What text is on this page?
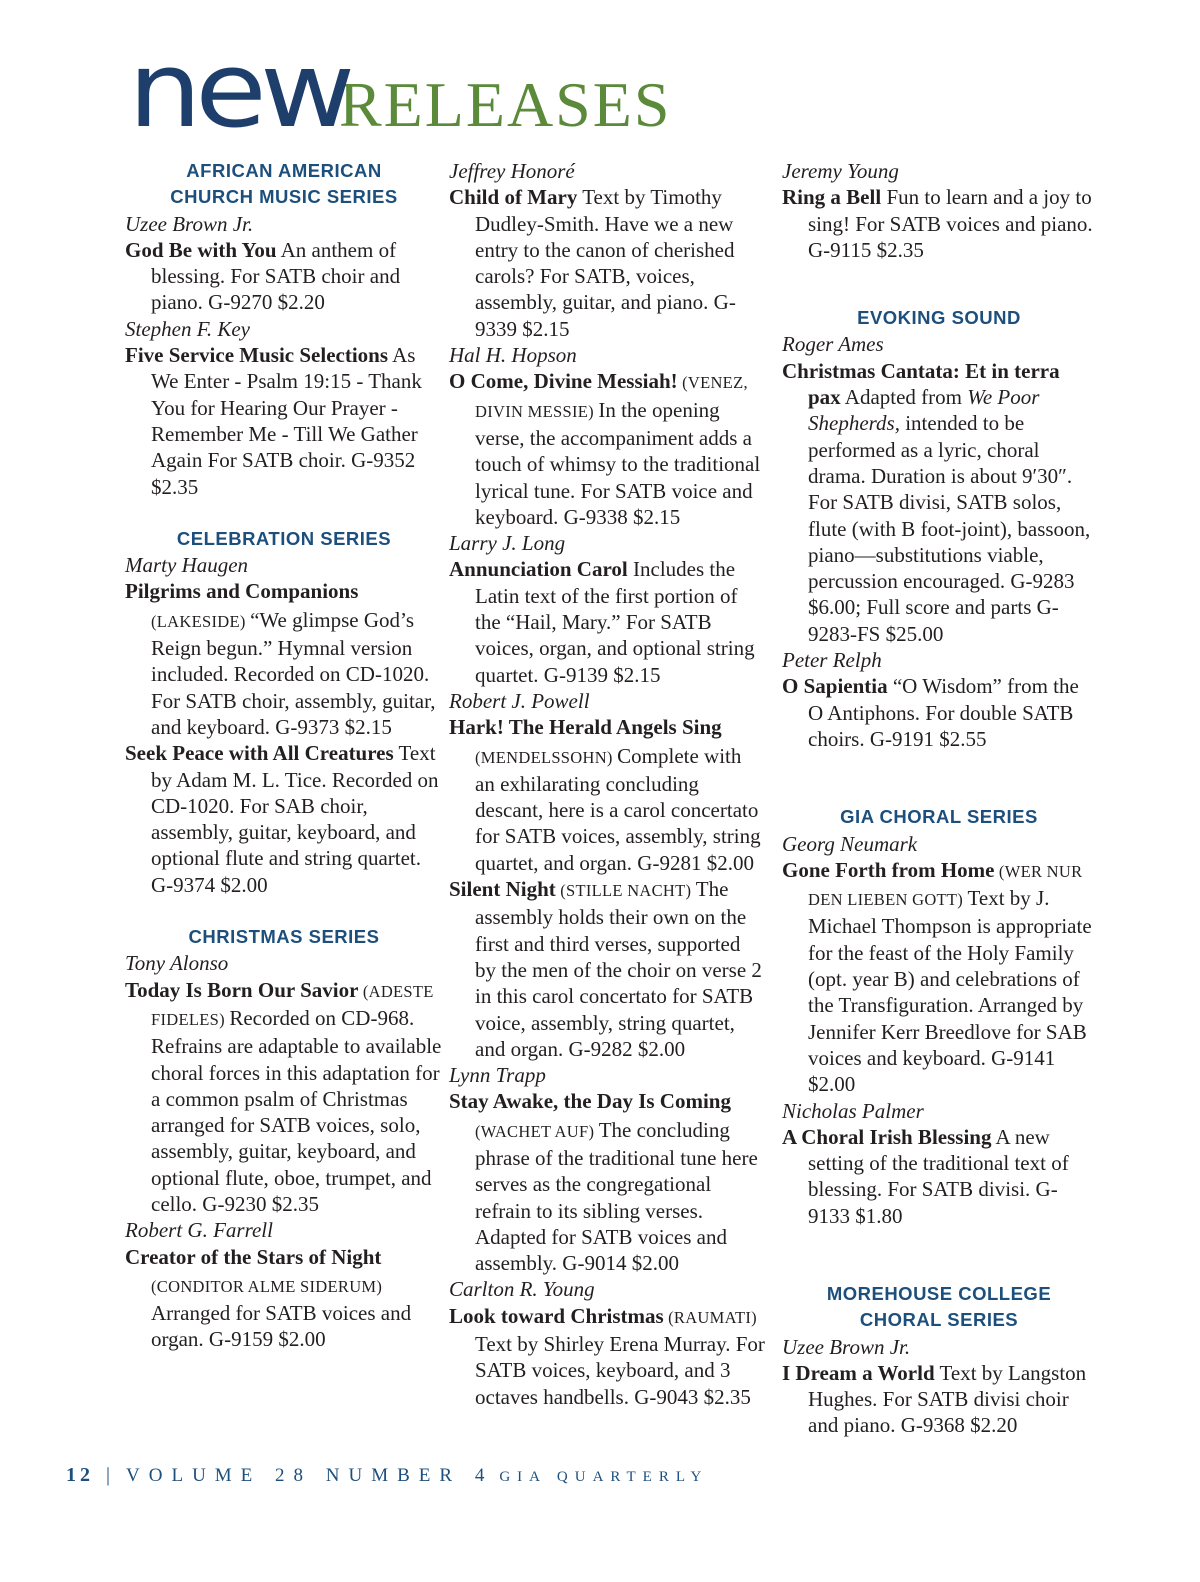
newRELEASES
AFRICAN AMERICAN
CHURCH MUSIC SERIES
Uzee Brown Jr.
God Be with You An anthem of blessing. For SATB choir and piano. G-9270 $2.20
Stephen F. Key
Five Service Music Selections As We Enter - Psalm 19:15 - Thank You for Hearing Our Prayer - Remember Me - Till We Gather Again For SATB choir. G-9352 $2.35
CELEBRATION SERIES
Marty Haugen
Pilgrims and Companions (LAKESIDE) “We glimpse God’s Reign begun.” Hymnal version included. Recorded on CD-1020. For SATB choir, assembly, guitar, and keyboard. G-9373 $2.15
Seek Peace with All Creatures Text by Adam M. L. Tice. Recorded on CD-1020. For SAB choir, assembly, guitar, keyboard, and optional flute and string quartet. G-9374 $2.00
CHRISTMAS SERIES
Tony Alonso
Today Is Born Our Savior (ADESTE FIDELES) Recorded on CD-968. Refrains are adaptable to available choral forces in this adaptation for a common psalm of Christmas arranged for SATB voices, solo, assembly, guitar, keyboard, and optional flute, oboe, trumpet, and cello. G-9230 $2.35
Robert G. Farrell
Creator of the Stars of Night (CONDITOR ALME SIDERUM) Arranged for SATB voices and organ. G-9159 $2.00
Jeffrey Honoré
Child of Mary Text by Timothy Dudley-Smith. Have we a new entry to the canon of cherished carols? For SATB, voices, assembly, guitar, and piano. G-9339 $2.15
Hal H. Hopson
O Come, Divine Messiah! (VENEZ, DIVIN MESSIE) In the opening verse, the accompaniment adds a touch of whimsy to the traditional lyrical tune. For SATB voice and keyboard. G-9338 $2.15
Larry J. Long
Annunciation Carol Includes the Latin text of the first portion of the “Hail, Mary.” For SATB voices, organ, and optional string quartet. G-9139 $2.15
Robert J. Powell
Hark! The Herald Angels Sing (MENDELSSOHN) Complete with an exhilarating concluding descant, here is a carol concertato for SATB voices, assembly, string quartet, and organ. G-9281 $2.00
Silent Night (STILLE NACHT) The assembly holds their own on the first and third verses, supported by the men of the choir on verse 2 in this carol concertato for SATB voice, assembly, string quartet, and organ. G-9282 $2.00
Lynn Trapp
Stay Awake, the Day Is Coming (WACHET AUF) The concluding phrase of the traditional tune here serves as the congregational refrain to its sibling verses. Adapted for SATB voices and assembly. G-9014 $2.00
Carlton R. Young
Look toward Christmas (RAUMATI) Text by Shirley Erena Murray. For SATB voices, keyboard, and 3 octaves handbells. G-9043 $2.35
Jeremy Young
Ring a Bell Fun to learn and a joy to sing! For SATB voices and piano. G-9115 $2.35
EVOKING SOUND
Roger Ames
Christmas Cantata: Et in terra pax Adapted from We Poor Shepherds, intended to be performed as a lyric, choral drama. Duration is about 9′30″. For SATB divisi, SATB solos, flute (with B foot-joint), bassoon, piano—substitutions viable, percussion encouraged. G-9283 $6.00; Full score and parts G-9283-FS $25.00
Peter Relph
O Sapientia “O Wisdom” from the O Antiphons. For double SATB choirs. G-9191 $2.55
GIA CHORAL SERIES
Georg Neumark
Gone Forth from Home (WER NUR DEN LIEBEN GOTT) Text by J. Michael Thompson is appropriate for the feast of the Holy Family (opt. year B) and celebrations of the Transfiguration. Arranged by Jennifer Kerr Breedlove for SAB voices and keyboard. G-9141 $2.00
Nicholas Palmer
A Choral Irish Blessing A new setting of the traditional text of blessing. For SATB divisi. G-9133 $1.80
MOREHOUSE COLLEGE
CHORAL SERIES
Uzee Brown Jr.
I Dream a World Text by Langston Hughes. For SATB divisi choir and piano. G-9368 $2.20
12 | VOLUME 28 NUMBER 4 GIA QUARTERLY
